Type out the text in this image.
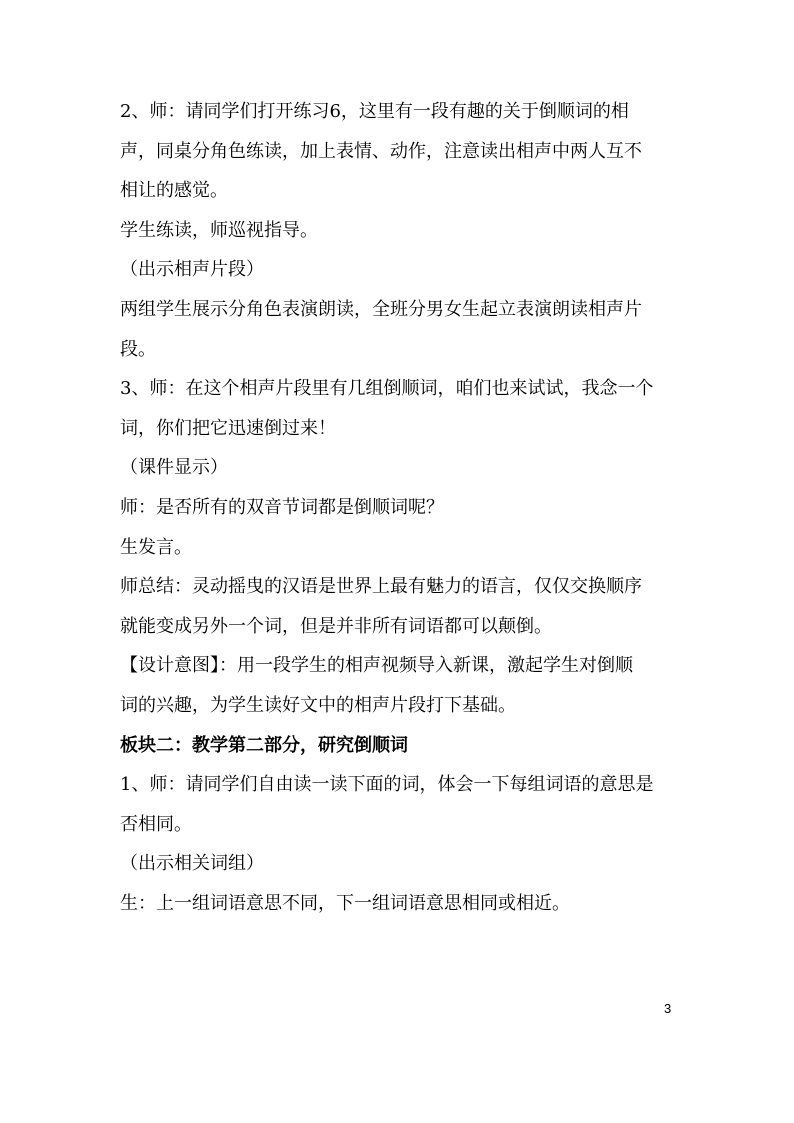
2、师：请同学们打开练习6，这里有一段有趣的关于倒顺词的相
声，同桌分角色练读，加上表情、动作，注意读出相声中两人互不
相让的感觉。
学生练读，师巡视指导。
（出示相声片段）
两组学生展示分角色表演朗读，全班分男女生起立表演朗读相声片
段。
3、师：在这个相声片段里有几组倒顺词，咱们也来试试，我念一个
词，你们把它迅速倒过来！
（课件显示）
师：是否所有的双音节词都是倒顺词呢？
生发言。
师总结：灵动摇曳的汉语是世界上最有魅力的语言，仅仅交换顺序
就能变成另外一个词，但是并非所有词语都可以颠倒。
【设计意图】：用一段学生的相声视频导入新课，激起学生对倒顺
词的兴趣，为学生读好文中的相声片段打下基础。
板块二：教学第二部分，研究倒顺词
1、师：请同学们自由读一读下面的词，体会一下每组词语的意思是
否相同。
（出示相关词组）
生：上一组词语意思不同，下一组词语意思相同或相近。
3
